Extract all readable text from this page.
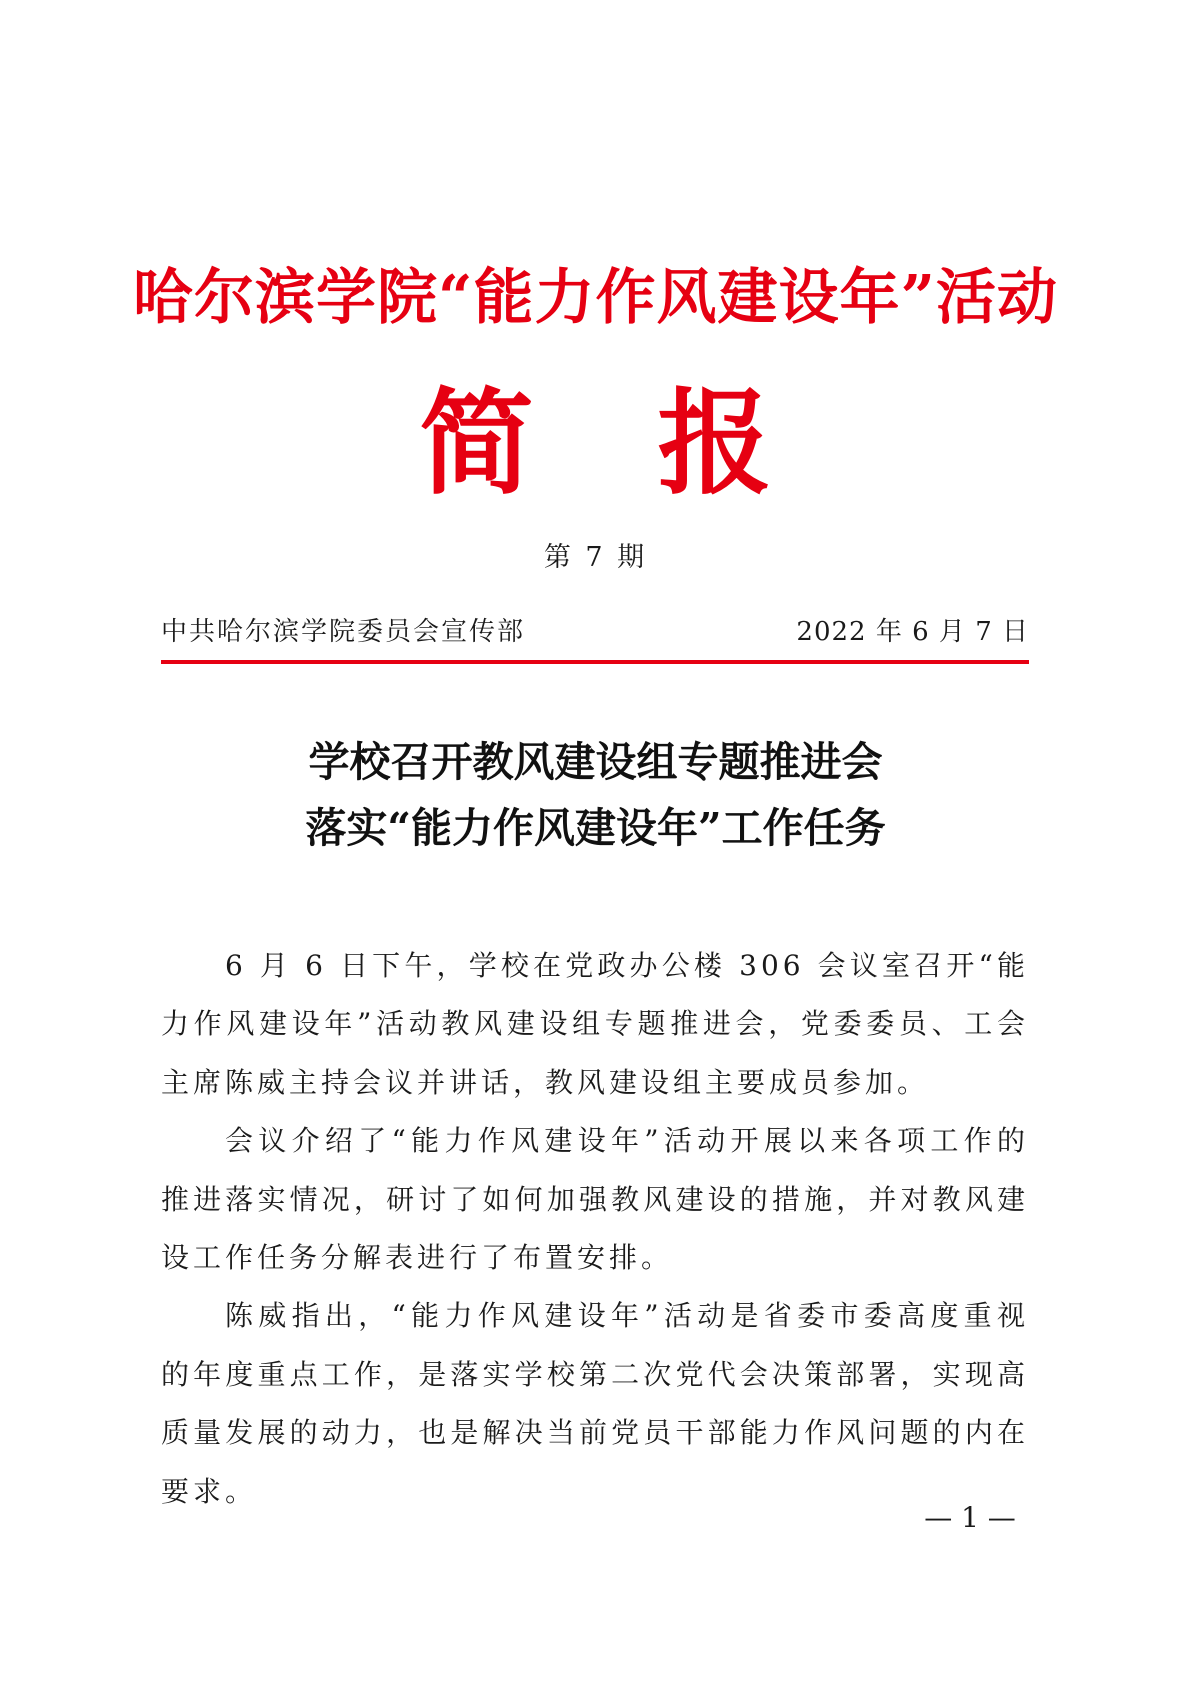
哈尔滨学院“能力作风建设年”活动
简 报
第 7 期
中共哈尔滨学院委员会宣传部	2022 年 6 月 7 日
学校召开教风建设组专题推进会
落实“能力作风建设年”工作任务

6 月 6 日下午，学校在党政办公楼 306 会议室召开“能力作风建设年”活动教风建设组专题推进会，党委委员、工会主席陈威主持会议并讲话，教风建设组主要成员参加。

会议介绍了“能力作风建设年”活动开展以来各项工作的推进落实情况，研讨了如何加强教风建设的措施，并对教风建设工作任务分解表进行了布置安排。

陈威指出，“能力作风建设年”活动是省委市委高度重视的年度重点工作，是落实学校第二次党代会决策部署，实现高质量发展的动力，也是解决当前党员干部能力作风问题的内在要求。

— 1 —
